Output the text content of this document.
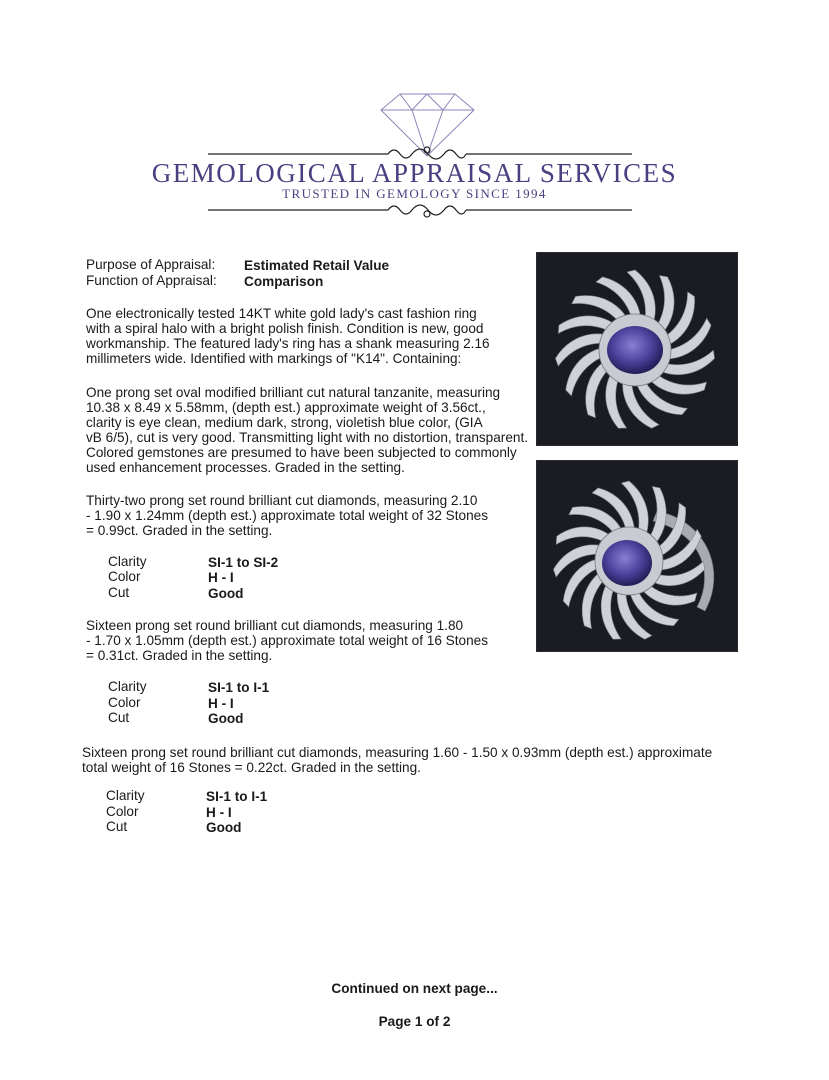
GEMOLOGICAL APPRAISAL SERVICES
TRUSTED IN GEMOLOGY SINCE 1994
Purpose of Appraisal: Estimated Retail Value
Function of Appraisal: Comparison
One electronically tested 14KT white gold lady's cast fashion ring
with a spiral halo with a bright polish finish. Condition is new, good
workmanship. The featured lady's ring has a shank measuring 2.16
millimeters wide. Identified with markings of "K14". Containing:
One prong set oval modified brilliant cut natural tanzanite, measuring
10.38 x 8.49 x 5.58mm, (depth est.) approximate weight of 3.56ct.,
clarity is eye clean, medium dark, strong, violetish blue color, (GIA
vB 6/5), cut is very good. Transmitting light with no distortion, transparent.
Colored gemstones are presumed to have been subjected to commonly
used enhancement processes. Graded in the setting.
Thirty-two prong set round brilliant cut diamonds, measuring 2.10
- 1.90 x 1.24mm (depth est.) approximate total weight of 32 Stones
= 0.99ct. Graded in the setting.
Clarity	SI-1 to SI-2
Color	H - I
Cut	Good
Sixteen prong set round brilliant cut diamonds, measuring 1.80
- 1.70 x 1.05mm (depth est.) approximate total weight of 16 Stones
= 0.31ct. Graded in the setting.
Clarity	SI-1 to I-1
Color	H - I
Cut	Good
Sixteen prong set round brilliant cut diamonds, measuring 1.60 - 1.50 x 0.93mm (depth est.) approximate
total weight of 16 Stones = 0.22ct. Graded in the setting.
Clarity	SI-1 to I-1
Color	H - I
Cut	Good
Continued on next page...
Page 1 of 2
